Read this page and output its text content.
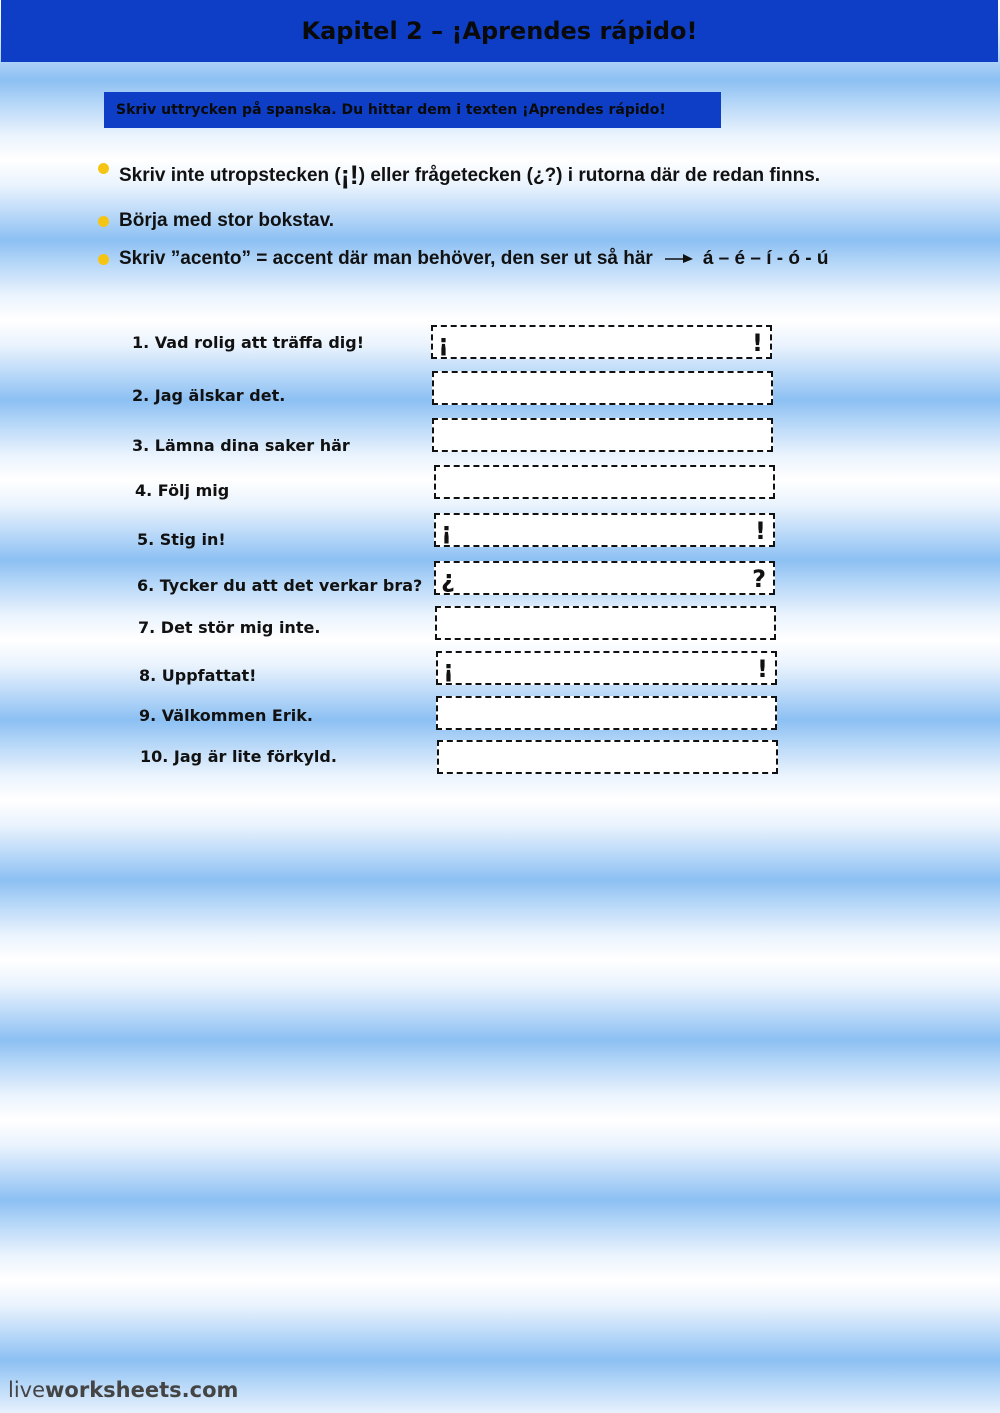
Kapitel 2 – ¡Aprendes rápido!
Skriv uttrycken på spanska. Du hittar dem i texten ¡Aprendes rápido!
Skriv inte utropstecken ( ¡! ) eller frågetecken (¿?) i rutorna där de redan finns.
Börja med stor bokstav.
Skriv ”acento” = accent där man behöver, den ser ut så här	á – é – í - ó - ú
1. Vad rolig att träffa dig!	¡	!
2. Jag älskar det.
3. Lämna dina saker här
4. Följ mig
5. Stig in!	¡	!
6. Tycker du att det verkar bra? ¿	?
7. Det stör mig inte.
8. Uppfattat!	¡	!
9. Välkommen Erik.
10. Jag är lite förkyld.
liveworksheets.com
